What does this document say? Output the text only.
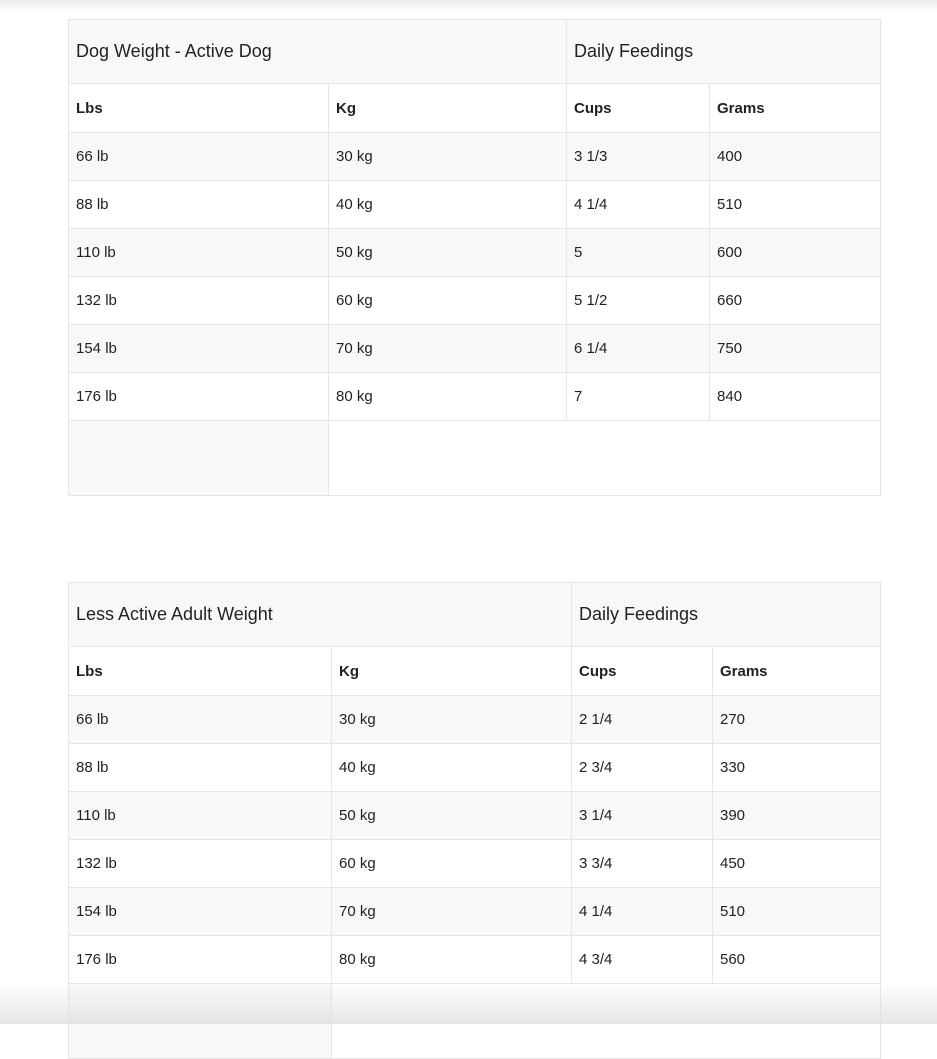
Dog Weight - Active Dog		Daily Feedings	
Lbs	Kg	Cups	Grams
66 lb	30 kg	3 1/3	400
88 lb	40 kg	4 1/4	510
110 lb	50 kg	5	600
132 lb	60 kg	5 1/2	660
154 lb	70 kg	6 1/4	750
176 lb	80 kg	7	840

Less Active Adult Weight		Daily Feedings	
Lbs	Kg	Cups	Grams
66 lb	30 kg	2 1/4	270
88 lb	40 kg	2 3/4	330
110 lb	50 kg	3 1/4	390
132 lb	60 kg	3 3/4	450
154 lb	70 kg	4 1/4	510
176 lb	80 kg	4 3/4	560
